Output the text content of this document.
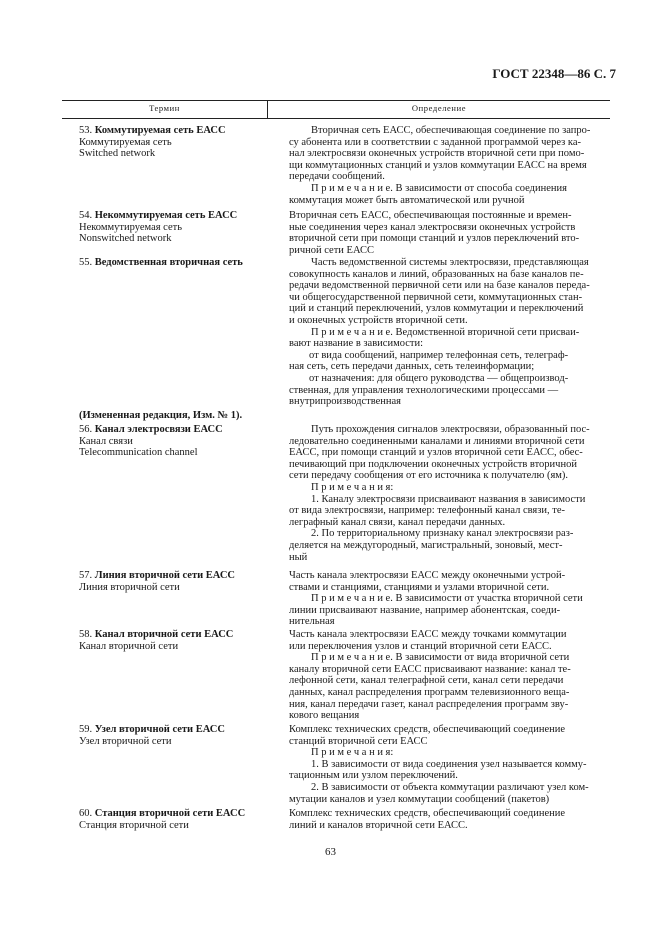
ГОСТ 22348—86 С. 7
Термин	Определение
53. Коммутируемая сеть ЕАСС
Коммутируемая сеть
Switched network
Вторичная сеть ЕАСС, обеспечивающая соединение по запро-
су абонента или в соответствии с заданной программой через ка-
нал электросвязи оконечных устройств вторичной сети при помо-
щи коммутационных станций и узлов коммутации ЕАСС на время
передачи сообщений.
П р и м е ч а н и е. В зависимости от способа соединения
коммутация может быть автоматической или ручной
54. Некоммутируемая сеть ЕАСС
Некоммутируемая сеть
Nonswitched network
Вторичная сеть ЕАСС, обеспечивающая постоянные и времен-
ные соединения через канал электросвязи оконечных устройств
вторичной сети при помощи станций и узлов переключений вто-
ричной сети ЕАСС
55. Ведомственная вторичная сеть	Часть ведомственной системы электросвязи, представляющая
совокупность каналов и линий, образованных на базе каналов пе-
редачи ведомственной первичной сети или на базе каналов переда-
чи общегосударственной первичной сети, коммутационных стан-
ций и станций переключений, узлов коммутации и переключений
и оконечных устройств вторичной сети.
П р и м е ч а н и е. Ведомственной вторичной сети присваи-
вают название в зависимости:
от вида сообщений, например телефонная сеть, телеграф-
ная сеть, сеть передачи данных, сеть телеинформации;
от назначения: для общего руководства — общепроизвод-
ственная, для управления технологическими процессами —
внутрипроизводственная
(Измененная редакция, Изм. № 1).
56. Канал электросвязи ЕАСС
Канал связи
Telecommunication channel
Путь прохождения сигналов электросвязи, образованный пос-
ледовательно соединенными каналами и линиями вторичной сети
ЕАСС, при помощи станций и узлов вторичной сети ЕАСС, обес-
печивающий при подключении оконечных устройств вторичной
сети передачу сообщения от его источника к получателю (ям).
П р и м е ч а н и я:
1. Каналу электросвязи присваивают названия в зависимости
от вида электросвязи, например: телефонный канал связи, те-
леграфный канал связи, канал передачи данных.
2. По территориальному признаку канал электросвязи раз-
деляется на междугородный, магистральный, зоновый, мест-
ный
57. Линия вторичной сети ЕАСС
Линия вторичной сети
Часть канала электросвязи ЕАСС между оконечными устрой-
ствами и станциями, станциями и узлами вторичной сети.
П р и м е ч а н и е. В зависимости от участка вторичной сети
линии присваивают название, например абонентская, соеди-
нительная
58. Канал вторичной сети ЕАСС
Канал вторичной сети
Часть канала электросвязи ЕАСС между точками коммутации
или переключения узлов и станций вторичной сети ЕАСС.
П р и м е ч а н и е. В зависимости от вида вторичной сети
каналу вторичной сети ЕАСС присваивают название: канал те-
лефонной сети, канал телеграфной сети, канал сети передачи
данных, канал распределения программ телевизионного веща-
ния, канал передачи газет, канал распределения программ зву-
кового вещания
59. Узел вторичной сети ЕАСС
Узел вторичной сети
Комплекс технических средств, обеспечивающий соединение
станций вторичной сети ЕАСС
П р и м е ч а н и я:
1. В зависимости от вида соединения узел называется комму-
тационным или узлом переключений.
2. В зависимости от объекта коммутации различают узел ком-
мутации каналов и узел коммутации сообщений (пакетов)
60. Станция вторичной сети ЕАСС
Станция вторичной сети
Комплекс технических средств, обеспечивающий соединение
линий и каналов вторичной сети ЕАСС.
63
